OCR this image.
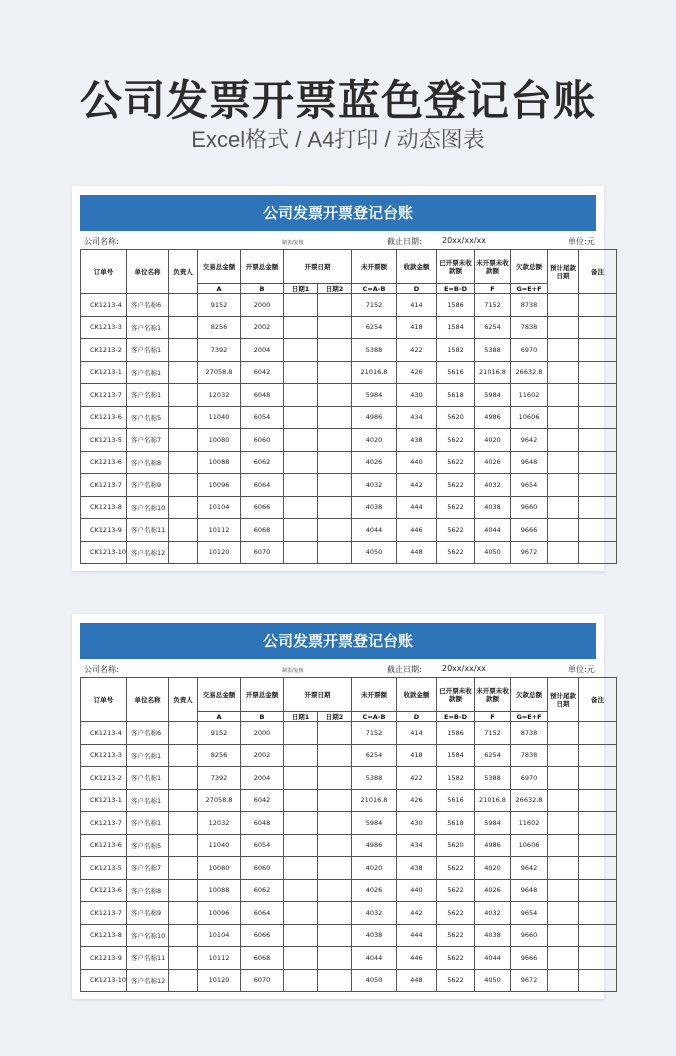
公司发票开票蓝色登记台账
Excel格式 / A4打印 / 动态图表
公司发票开票登记台账
公司名称:	制表/复核	截止日期:	20xx/xx/xx	单位:元
订单号	单位名称	负责人	交易总金额	开票总金额	开票日期		未开票额	收款金额	已开票未收款额	未开票未收款额	欠款总额	预计尾款日期	备注
			A	B	日期1	日期2	C=A-B	D	E=B-D	F	G=E+F		
CK1213-4	客户名称6		9152	2000			7152	414	1586	7152	8738		
CK1213-3	客户名称1		8256	2002			6254	418	1584	6254	7838		
CK1213-2	客户名称1		7392	2004			5388	422	1582	5388	6970		
CK1213-1	客户名称1		27058.8	6042			21016.8	426	5616	21016.8	26632.8		
CK1213-7	客户名称1		12032	6048			5984	430	5618	5984	11602		
CK1213-6	客户名称5		11040	6054			4986	434	5620	4986	10606		
CK1213-5	客户名称7		10080	6060			4020	438	5622	4020	9642		
CK1213-6	客户名称8		10088	6062			4026	440	5622	4026	9648		
CK1213-7	客户名称9		10096	6064			4032	442	5622	4032	9654		
CK1213-8	客户名称10		10104	6066			4038	444	5622	4038	9660		
CK1213-9	客户名称11		10112	6068			4044	446	5622	4044	9666		
CK1213-10	客户名称12		10120	6070			4050	448	5622	4050	9672		
公司发票开票登记台账
公司名称:	制表/复核	截止日期:	20xx/xx/xx	单位:元
订单号	单位名称	负责人	交易总金额	开票总金额	开票日期		未开票额	收款金额	已开票未收款额	未开票未收款额	欠款总额	预计尾款日期	备注
			A	B	日期1	日期2	C=A-B	D	E=B-D	F	G=E+F		
CK1213-4	客户名称6		9152	2000			7152	414	1586	7152	8738		
CK1213-3	客户名称1		8256	2002			6254	418	1584	6254	7838		
CK1213-2	客户名称1		7392	2004			5388	422	1582	5388	6970		
CK1213-1	客户名称1		27058.8	6042			21016.8	426	5616	21016.8	26632.8		
CK1213-7	客户名称1		12032	6048			5984	430	5618	5984	11602		
CK1213-6	客户名称5		11040	6054			4986	434	5620	4986	10606		
CK1213-5	客户名称7		10080	6060			4020	438	5622	4020	9642		
CK1213-6	客户名称8		10088	6062			4026	440	5622	4026	9648		
CK1213-7	客户名称9		10096	6064			4032	442	5622	4032	9654		
CK1213-8	客户名称10		10104	6066			4038	444	5622	4038	9660		
CK1213-9	客户名称11		10112	6068			4044	446	5622	4044	9666		
CK1213-10	客户名称12		10120	6070			4050	448	5622	4050	9672		
